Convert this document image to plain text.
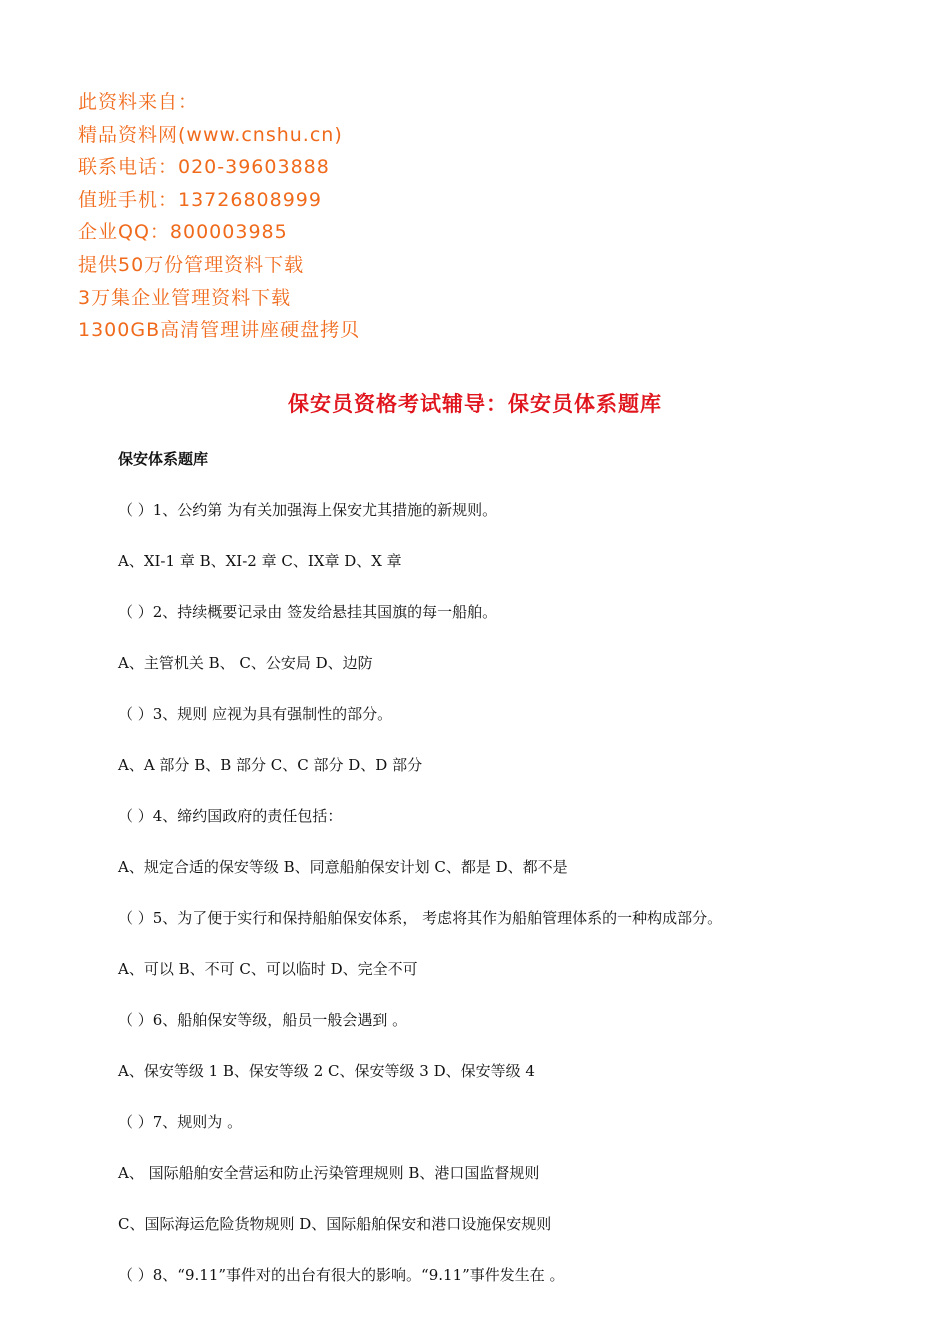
此资料来自：
精品资料网(www.cnshu.cn)
联系电话：020-39603888
值班手机：13726808999
企业QQ：800003985
提供50万份管理资料下载
3万集企业管理资料下载
1300GB高清管理讲座硬盘拷贝
保安员资格考试辅导：保安员体系题库
保安体系题库
（ ）1、公约第 为有关加强海上保安尤其措施的新规则。
A、XI-1 章 B、XI-2 章 C、IX章 D、X 章
（ ）2、持续概要记录由 签发给悬挂其国旗的每一船舶。
A、主管机关 B、 C、公安局 D、边防
（ ）3、规则 应视为具有强制性的部分。
A、A 部分 B、B 部分 C、C 部分 D、D 部分
（ ）4、缔约国政府的责任包括：
A、规定合适的保安等级 B、同意船舶保安计划 C、都是 D、都不是
（ ）5、为了便于实行和保持船舶保安体系， 考虑将其作为船舶管理体系的一种构成部分。
A、可以 B、不可 C、可以临时 D、完全不可
（ ）6、船舶保安等级，船员一般会遇到 。
A、保安等级 1 B、保安等级 2 C、保安等级 3 D、保安等级 4
（ ）7、规则为 。
A、 国际船舶安全营运和防止污染管理规则 B、港口国监督规则
C、国际海运危险货物规则 D、国际船舶保安和港口设施保安规则
（ ）8、“9.11”事件对的出台有很大的影响。“9.11”事件发生在 。
